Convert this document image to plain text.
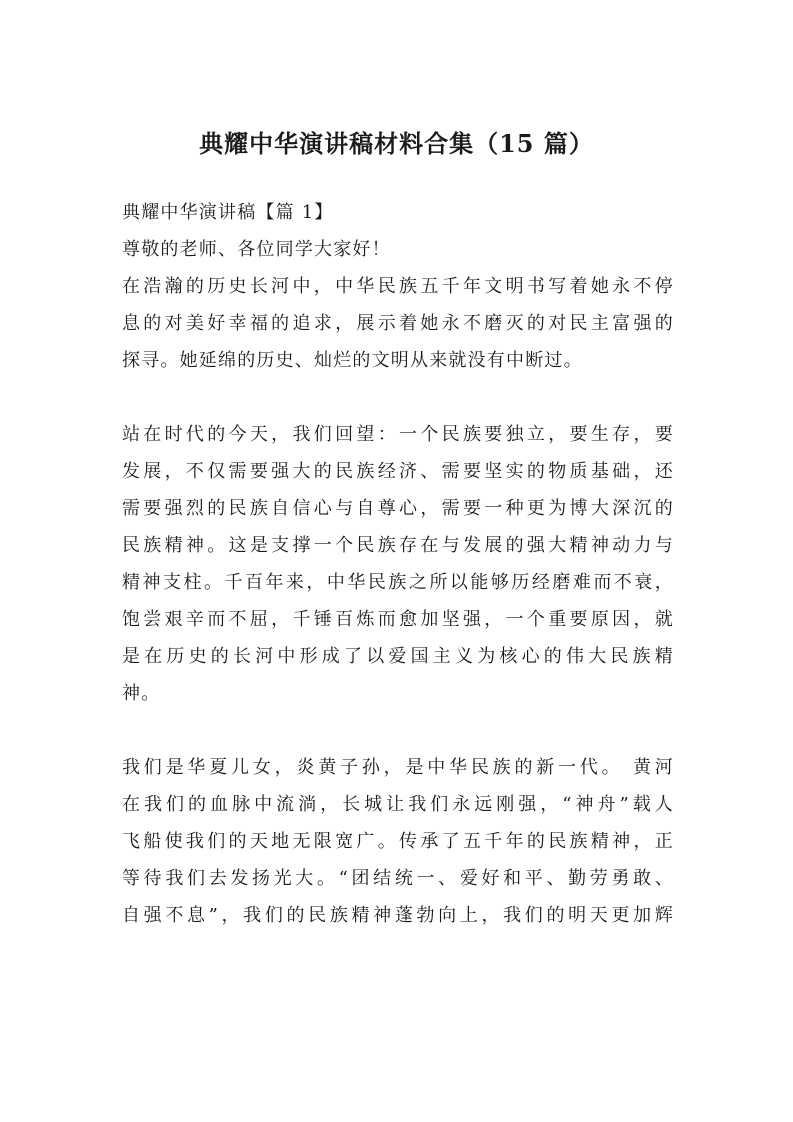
典耀中华演讲稿材料合集（15 篇）
典耀中华演讲稿【篇 1】
尊敬的老师、各位同学大家好！
在浩瀚的历史长河中，中华民族五千年文明书写着她永不停
息的对美好幸福的追求，展示着她永不磨灭的对民主富强的
探寻。她延绵的历史、灿烂的文明从来就没有中断过。
站在时代的今天，我们回望：一个民族要独立，要生存，要
发展，不仅需要强大的民族经济、需要坚实的物质基础，还
需要强烈的民族自信心与自尊心，需要一种更为博大深沉的
民族精神。这是支撑一个民族存在与发展的强大精神动力与
精神支柱。千百年来，中华民族之所以能够历经磨难而不衰，
饱尝艰辛而不屈，千锤百炼而愈加坚强，一个重要原因，就
是在历史的长河中形成了以爱国主义为核心的伟大民族精
神。
我们是华夏儿女，炎黄子孙，是中华民族的新一代。 黄河
在我们的血脉中流淌，长城让我们永远刚强，“神舟”载人
飞船使我们的天地无限宽广。传承了五千年的民族精神，正
等待我们去发扬光大。“团结统一、爱好和平、勤劳勇敢、
自强不息”，我们的民族精神蓬勃向上，我们的明天更加辉
